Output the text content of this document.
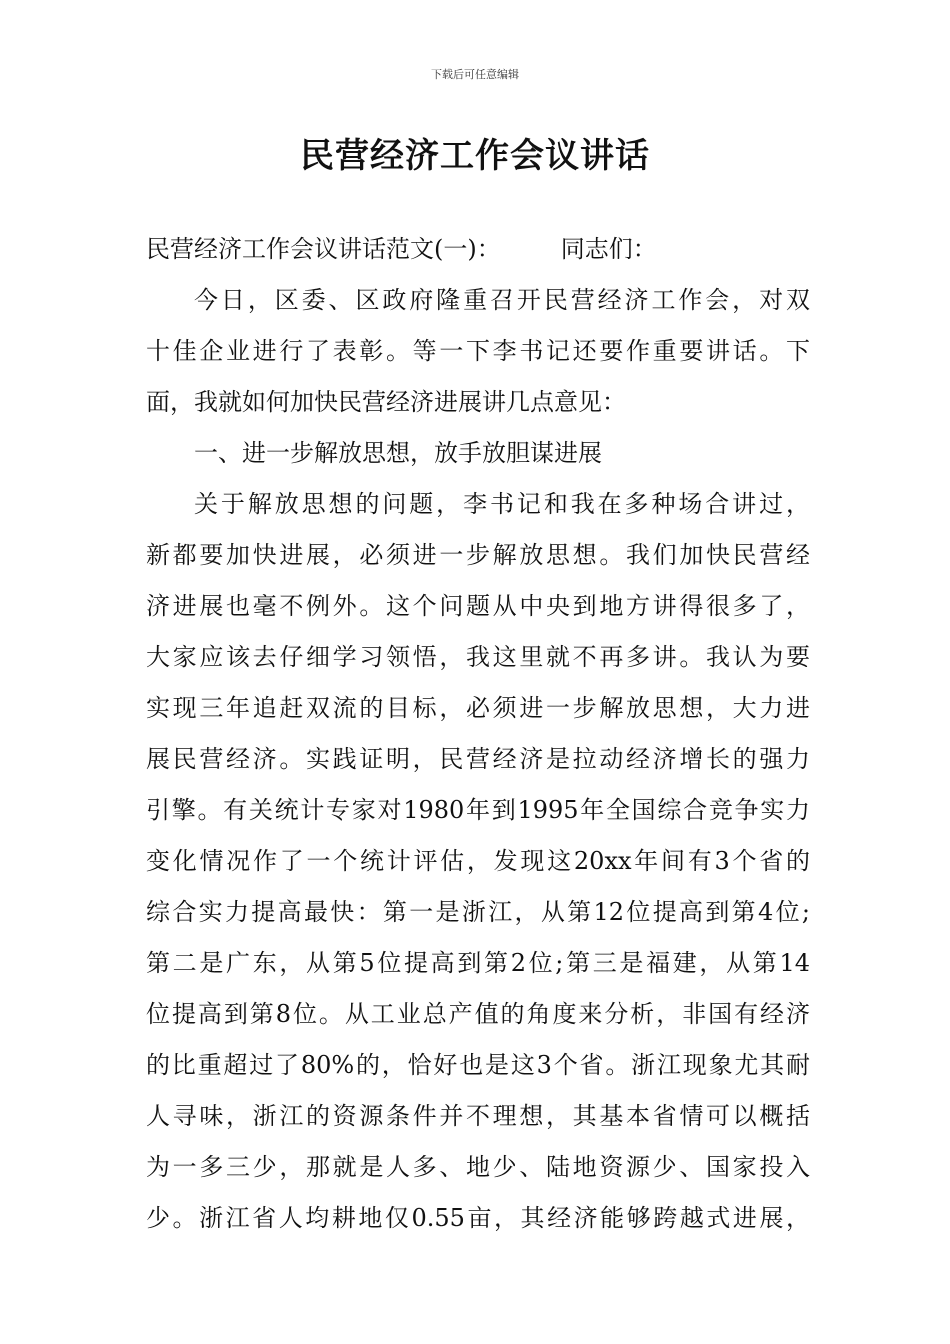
下载后可任意编辑
民营经济工作会议讲话

民营经济工作会议讲话范文(一)：	同志们：

今日，区委、区政府隆重召开民营经济工作会，对双

十佳企业进行了表彰。等一下李书记还要作重要讲话。下

面，我就如何加快民营经济进展讲几点意见：

一、进一步解放思想，放手放胆谋进展

关于解放思想的问题，李书记和我在多种场合讲过，

新都要加快进展，必须进一步解放思想。我们加快民营经

济进展也毫不例外。这个问题从中央到地方讲得很多了，

大家应该去仔细学习领悟，我这里就不再多讲。我认为要

实现三年追赶双流的目标，必须进一步解放思想，大力进

展民营经济。实践证明，民营经济是拉动经济增长的强力

引擎。有关统计专家对1980年到1995年全国综合竞争实力

变化情况作了一个统计评估，发现这20xx年间有3个省的

综合实力提高最快：第一是浙江，从第12位提高到第4位;

第二是广东，从第5位提高到第2位;第三是福建，从第14

位提高到第8位。从工业总产值的角度来分析，非国有经济

的比重超过了80%的，恰好也是这3个省。浙江现象尤其耐

人寻味，浙江的资源条件并不理想，其基本省情可以概括

为一多三少，那就是人多、地少、陆地资源少、国家投入

少。浙江省人均耕地仅0.55亩，其经济能够跨越式进展，
